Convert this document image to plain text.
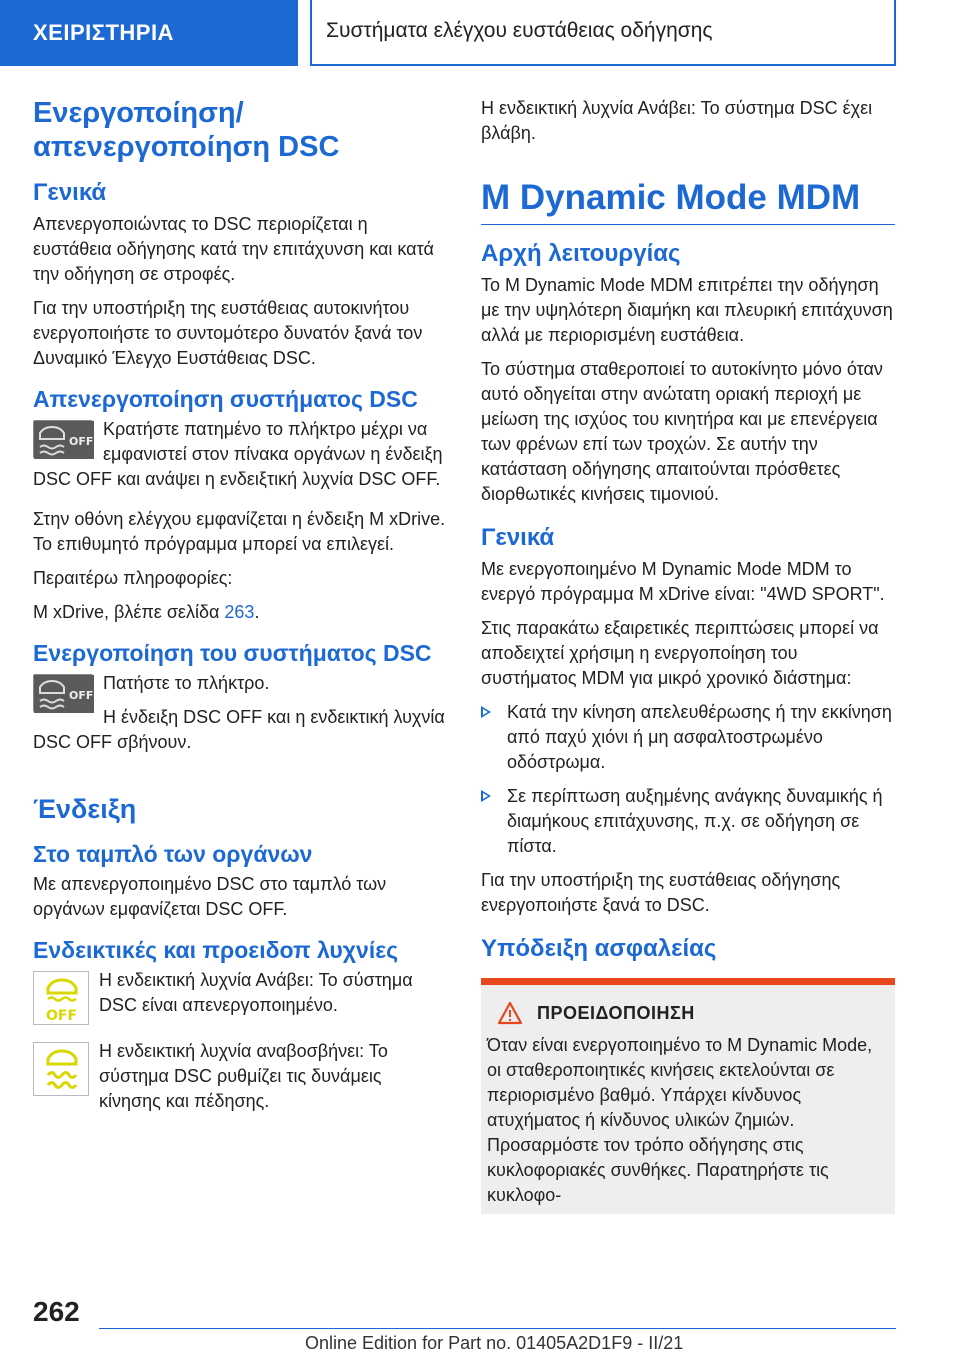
ΧΕΙΡΙΣΤΗΡΙΑ	Συστήματα ελέγχου ευστάθειας οδήγησης
Ενεργοποίηση/απενεργοποίηση DSC
Γενικά

Απενεργοποιώντας το DSC περιορίζεται η ευστάθεια οδήγησης κατά την επιτάχυνση και κατά την οδήγηση σε στροφές.

Για την υποστήριξη της ευστάθειας αυτοκινήτου ενεργοποιήστε το συντομότερο δυνατόν ξανά τον Δυναμικό Έλεγχο Ευστάθειας DSC.

Απενεργοποίηση συστήματος DSC
OFF

Κρατήστε πατημένο το πλήκτρο μέχρι να εμφανιστεί στον πίνακα οργάνων η ένδειξη DSC OFF και ανάψει η ενδειξτική λυχνία DSC OFF.

Στην οθόνη ελέγχου εμφανίζεται η ένδειξη M xDrive. Το επιθυμητό πρόγραμμα μπορεί να επιλεγεί.

Περαιτέρω πληροφορίες:

M xDrive, βλέπε σελίδα 263.

Ενεργοποίηση του συστήματος DSC
OFF

Πατήστε το πλήκτρο.

Η ένδειξη DSC OFF και η ενδεικτική λυχνία DSC OFF σβήνουν.

Ένδειξη
Στο ταμπλό των οργάνων

Με απενεργοποιημένο DSC στο ταμπλό των οργάνων εμφανίζεται DSC OFF.

Ενδεικτικές και προειδοπ λυχνίες
OFF

Η ενδεικτική λυχνία Ανάβει: Το σύστημα DSC είναι απενεργοποιημένο.

Η ενδεικτική λυχνία αναβοσβήνει: Το σύστημα DSC ρυθμίζει τις δυνάμεις κίνησης και πέδησης.

Η ενδεικτική λυχνία Ανάβει: Το σύστημα DSC έχει βλάβη.

M Dynamic Mode MDM
Αρχή λειτουργίας

Το M Dynamic Mode MDM επιτρέπει την οδήγηση με την υψηλότερη διαμήκη και πλευρική επιτάχυνση αλλά με περιορισμένη ευστάθεια.

Το σύστημα σταθεροποιεί το αυτοκίνητο μόνο όταν αυτό οδηγείται στην ανώτατη οριακή περιοχή με μείωση της ισχύος του κινητήρα και με επενέργεια των φρένων επί των τροχών. Σε αυτήν την κατάσταση οδήγησης απαιτούνται πρόσθετες διορθωτικές κινήσεις τιμονιού.

Γενικά

Με ενεργοποιημένο M Dynamic Mode MDM το ενεργό πρόγραμμα M xDrive είναι: "4WD SPORT".

Στις παρακάτω εξαιρετικές περιπτώσεις μπορεί να αποδειχτεί χρήσιμη η ενεργοποίηση του συστήματος MDM για μικρό χρονικό διάστημα:

Κατά την κίνηση απελευθέρωσης ή την εκκίνηση από παχύ χιόνι ή μη ασφαλτοστρωμένο οδόστρωμα.
Σε περίπτωση αυξημένης ανάγκης δυναμικής ή διαμήκους επιτάχυνσης, π.χ. σε οδήγηση σε πίστα.

Για την υποστήριξη της ευστάθειας οδήγησης ενεργοποιήστε ξανά το DSC.

Υπόδειξη ασφαλείας
ΠΡΟΕΙΔΟΠΟΙΗΣΗ

Όταν είναι ενεργοποιημένο το M Dynamic Mode, οι σταθεροποιητικές κινήσεις εκτελούνται σε περιορισμένο βαθμό. Υπάρχει κίνδυνος ατυχήματος ή κίνδυνος υλικών ζημιών. Προσαρμόστε τον τρόπο οδήγησης στις κυκλοφοριακές συνθήκες. Παρατηρήστε τις κυκλοφο-

262
Online Edition for Part no. 01405A2D1F9 - II/21
